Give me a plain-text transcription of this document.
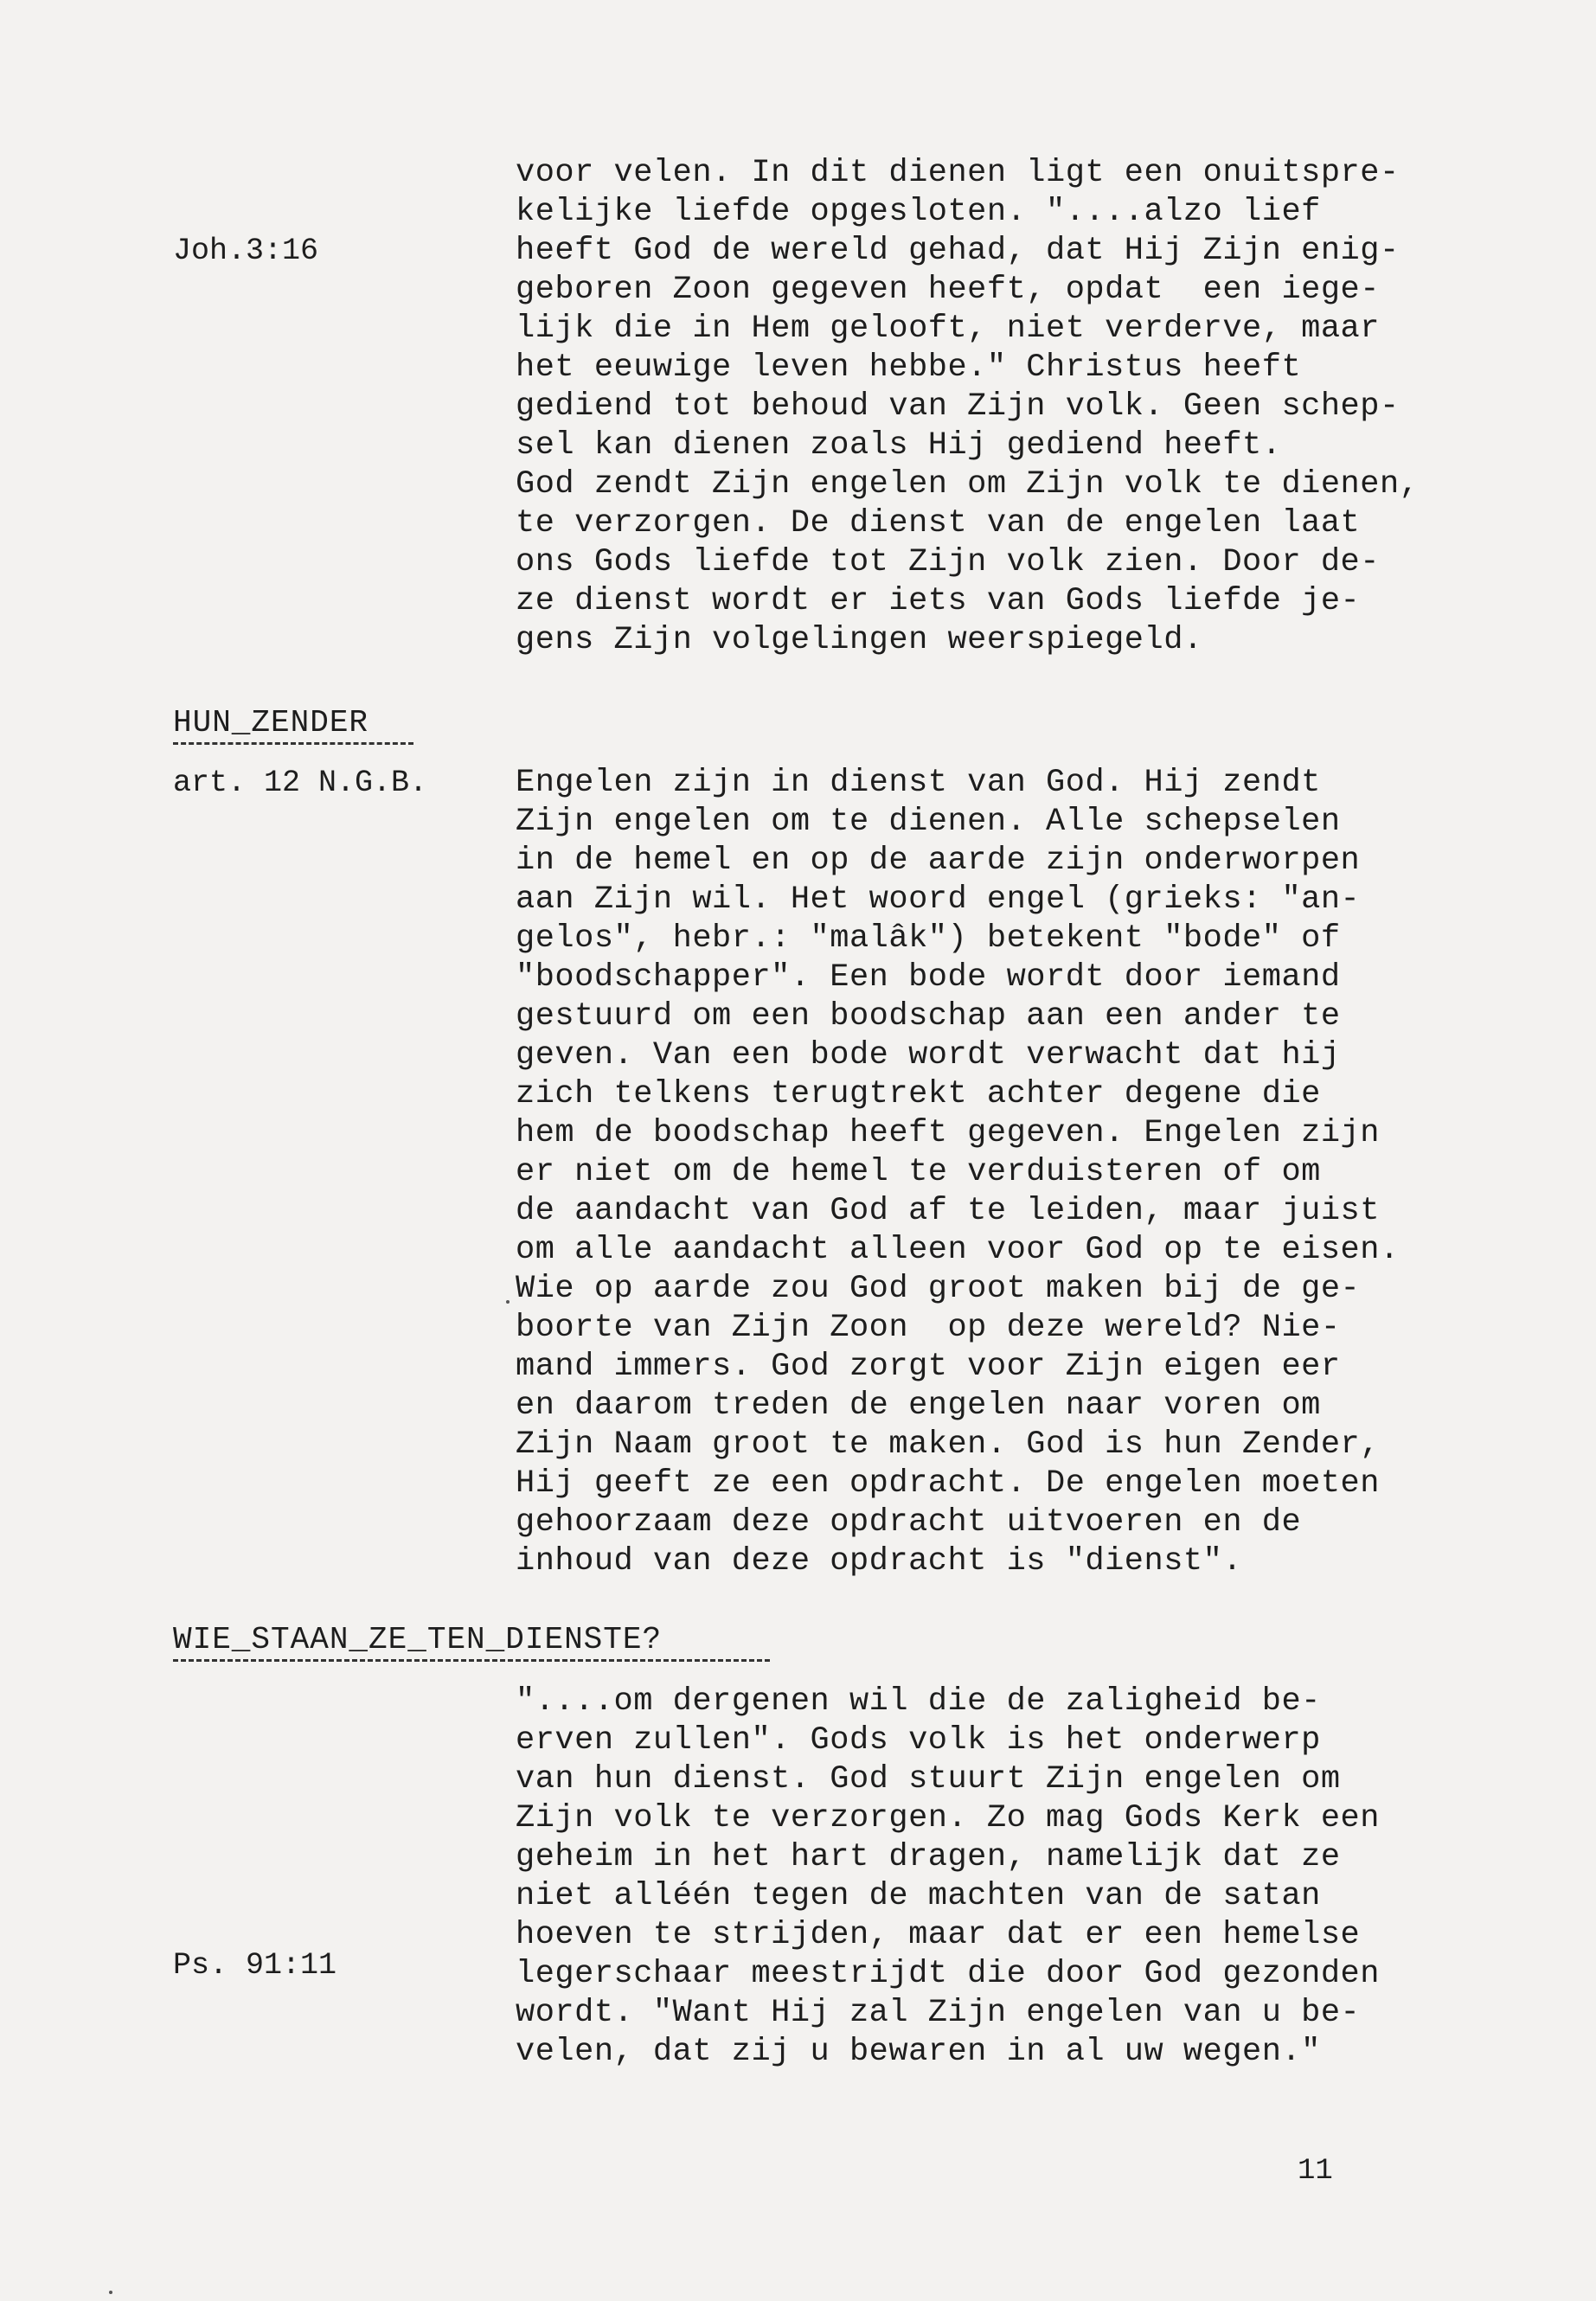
Joh.3:16
art. 12 N.G.B.
Ps. 91:11
HUN_ZENDER
WIE_STAAN_ZE_TEN_DIENSTE?
voor velen. In dit dienen ligt een onuitspre-
kelijke liefde opgesloten. "....alzo lief
heeft God de wereld gehad, dat Hij Zijn enig-
geboren Zoon gegeven heeft, opdat  een iege-
lijk die in Hem gelooft, niet verderve, maar
het eeuwige leven hebbe." Christus heeft
gediend tot behoud van Zijn volk. Geen schep-
sel kan dienen zoals Hij gediend heeft.
God zendt Zijn engelen om Zijn volk te dienen,
te verzorgen. De dienst van de engelen laat
ons Gods liefde tot Zijn volk zien. Door de-
ze dienst wordt er iets van Gods liefde je-
gens Zijn volgelingen weerspiegeld.
Engelen zijn in dienst van God. Hij zendt
Zijn engelen om te dienen. Alle schepselen
in de hemel en op de aarde zijn onderworpen
aan Zijn wil. Het woord engel (grieks: "an-
gelos", hebr.: "malâk") betekent "bode" of
"boodschapper". Een bode wordt door iemand
gestuurd om een boodschap aan een ander te
geven. Van een bode wordt verwacht dat hij
zich telkens terugtrekt achter degene die
hem de boodschap heeft gegeven. Engelen zijn
er niet om de hemel te verduisteren of om
de aandacht van God af te leiden, maar juist
om alle aandacht alleen voor God op te eisen.
Wie op aarde zou God groot maken bij de ge-
boorte van Zijn Zoon  op deze wereld? Nie-
mand immers. God zorgt voor Zijn eigen eer
en daarom treden de engelen naar voren om
Zijn Naam groot te maken. God is hun Zender,
Hij geeft ze een opdracht. De engelen moeten
gehoorzaam deze opdracht uitvoeren en de
inhoud van deze opdracht is "dienst".
"....om dergenen wil die de zaligheid be-
erven zullen". Gods volk is het onderwerp
van hun dienst. God stuurt Zijn engelen om
Zijn volk te verzorgen. Zo mag Gods Kerk een
geheim in het hart dragen, namelijk dat ze
niet alléén tegen de machten van de satan
hoeven te strijden, maar dat er een hemelse
legerschaar meestrijdt die door God gezonden
wordt. "Want Hij zal Zijn engelen van u be-
velen, dat zij u bewaren in al uw wegen."
11
